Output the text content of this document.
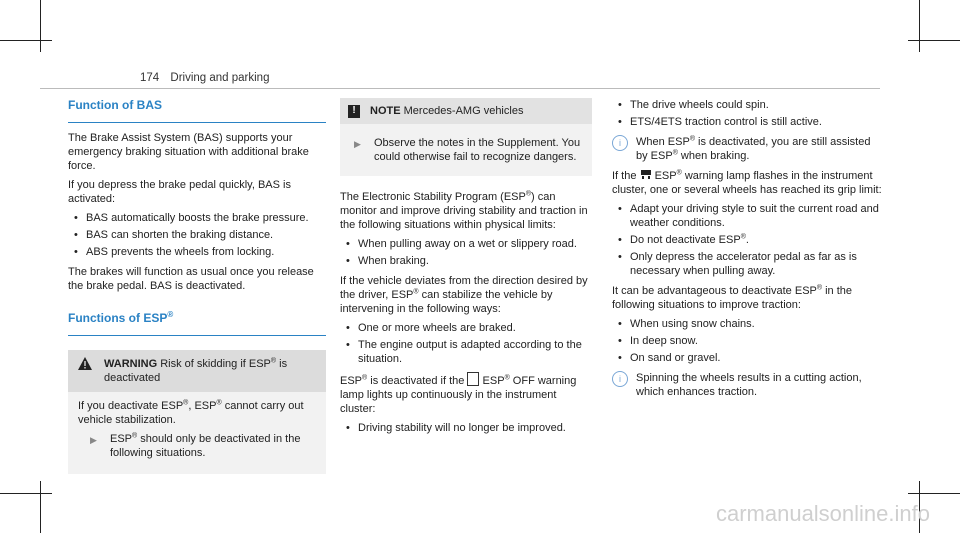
174 Driving and parking
Function of BAS

The Brake Assist System (BAS) supports your emergency braking situation with additional brake force.

If you depress the brake pedal quickly, BAS is activated:

• BAS automatically boosts the brake pressure.
• BAS can shorten the braking distance.
• ABS prevents the wheels from locking.

The brakes will function as usual once you release the brake pedal. BAS is deactivated.

Functions of ESP®
WARNING Risk of skidding if ESP® is deactivated

If you deactivate ESP®, ESP® cannot carry out vehicle stabilization.

▶ ESP® should only be deactivated in the following situations.
!	NOTE Mercedes-AMG vehicles
▶ Observe the notes in the Supplement. You could otherwise fail to recognize dangers.

The Electronic Stability Program (ESP®) can monitor and improve driving stability and traction in the following situations within physical limits:

• When pulling away on a wet or slippery road.
• When braking.

If the vehicle deviates from the direction desired by the driver, ESP® can stabilize the vehicle by intervening in the following ways:

• One or more wheels are braked.
• The engine output is adapted according to the situation.

ESP® is deactivated if the ESP® OFF warning lamp lights up continuously in the instrument cluster:

• Driving stability will no longer be improved.
• The drive wheels could spin.
• ETS/4ETS traction control is still active.
i	When ESP® is deactivated, you are still assisted by ESP® when braking.

If the ESP® warning lamp flashes in the instrument cluster, one or several wheels has reached its grip limit:

• Adapt your driving style to suit the current road and weather conditions.
• Do not deactivate ESP®.
• Only depress the accelerator pedal as far as is necessary when pulling away.

It can be advantageous to deactivate ESP® in the following situations to improve traction:

• When using snow chains.
• In deep snow.
• On sand or gravel.
i	Spinning the wheels results in a cutting action, which enhances traction.
carmanualsonline.info
